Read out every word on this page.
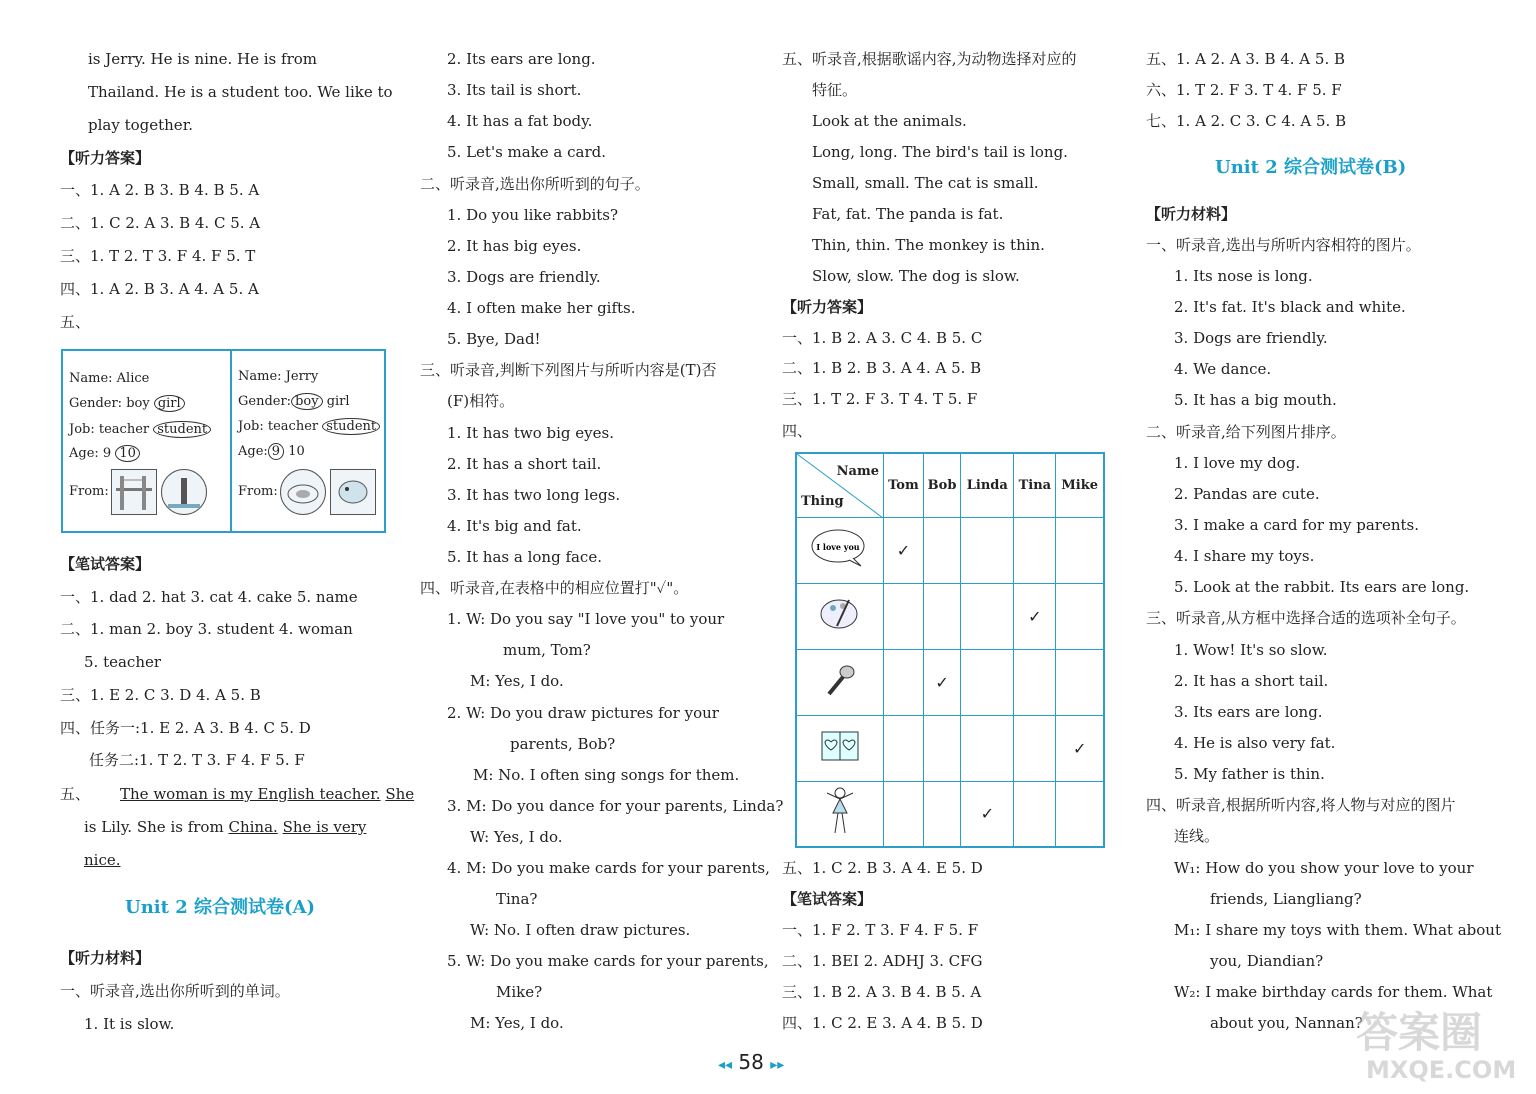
is Jerry. He is nine. He is from
Thailand. He is a student too. We like to
play together.
【听力答案】
一、1. A 2. B 3. B 4. B 5. A
二、1. C 2. A 3. B 4. C 5. A
三、1. T 2. T 3. F 4. F 5. T
四、1. A 2. B 3. A 4. A 5. A
五、
Name: Alice
Gender: boy girl
Job: teacher student
Age: 9 10
From:
Name: Jerry
Gender: boy girl
Job: teacher student
Age: 9 10
From:
【笔试答案】
一、1. dad 2. hat 3. cat 4. cake 5. name
二、1. man 2. boy 3. student 4. woman
5. teacher
三、1. E 2. C 3. D 4. A 5. B
四、任务一:1. E 2. A 3. B 4. C 5. D
任务二:1. T 2. T 3. F 4. F 5. F
五、 The woman is my English teacher. She
is Lily. She is from China. She is very
nice.
Unit 2 综合测试卷(A)
【听力材料】
一、听录音,选出你所听到的单词。
1. It is slow.
2. Its ears are long.
3. Its tail is short.
4. It has a fat body.
5. Let's make a card.
二、听录音,选出你所听到的句子。
1. Do you like rabbits?
2. It has big eyes.
3. Dogs are friendly.
4. I often make her gifts.
5. Bye, Dad!
三、听录音,判断下列图片与所听内容是(T)否
(F)相符。
1. It has two big eyes.
2. It has a short tail.
3. It has two long legs.
4. It's big and fat.
5. It has a long face.
四、听录音,在表格中的相应位置打"✓"。
1. W: Do you say "I love you" to your
mum, Tom?
M: Yes, I do.
2. W: Do you draw pictures for your
parents, Bob?
M: No. I often sing songs for them.
3. M: Do you dance for your parents, Linda?
W: Yes, I do.
4. M: Do you make cards for your parents,
Tina?
W: No. I often draw pictures.
5. W: Do you make cards for your parents,
Mike?
M: Yes, I do.
五、听录音,根据歌谣内容,为动物选择对应的
特征。
Look at the animals.
Long, long. The bird's tail is long.
Small, small. The cat is small.
Fat, fat. The panda is fat.
Thin, thin. The monkey is thin.
Slow, slow. The dog is slow.
【听力答案】
一、1. B 2. A 3. C 4. B 5. C
二、1. B 2. B 3. A 4. A 5. B
三、1. T 2. F 3. T 4. T 5. F
四、
Name
Thing	Tom	Bob	Linda	Tina	Mike

I love you	✓				
				✓	
		✓			
					✓
			✓		
五、1. C 2. B 3. A 4. E 5. D
【笔试答案】
一、1. F 2. T 3. F 4. F 5. F
二、1. BEI 2. ADHJ 3. CFG
三、1. B 2. A 3. B 4. B 5. A
四、1. C 2. E 3. A 4. B 5. D
五、1. A 2. A 3. B 4. A 5. B
六、1. T 2. F 3. T 4. F 5. F
七、1. A 2. C 3. C 4. A 5. B
Unit 2 综合测试卷(B)
【听力材料】
一、听录音,选出与所听内容相符的图片。
1. Its nose is long.
2. It's fat. It's black and white.
3. Dogs are friendly.
4. We dance.
5. It has a big mouth.
二、听录音,给下列图片排序。
1. I love my dog.
2. Pandas are cute.
3. I make a card for my parents.
4. I share my toys.
5. Look at the rabbit. Its ears are long.
三、听录音,从方框中选择合适的选项补全句子。
1. Wow! It's so slow.
2. It has a short tail.
3. Its ears are long.
4. He is also very fat.
5. My father is thin.
四、听录音,根据所听内容,将人物与对应的图片
连线。
W₁: How do you show your love to your
friends, Liangliang?
M₁: I share my toys with them. What about
you, Diandian?
W₂: I make birthday cards for them. What
about you, Nannan?
◂◂ 58 ▸▸
答案圈
MXQE.COM
